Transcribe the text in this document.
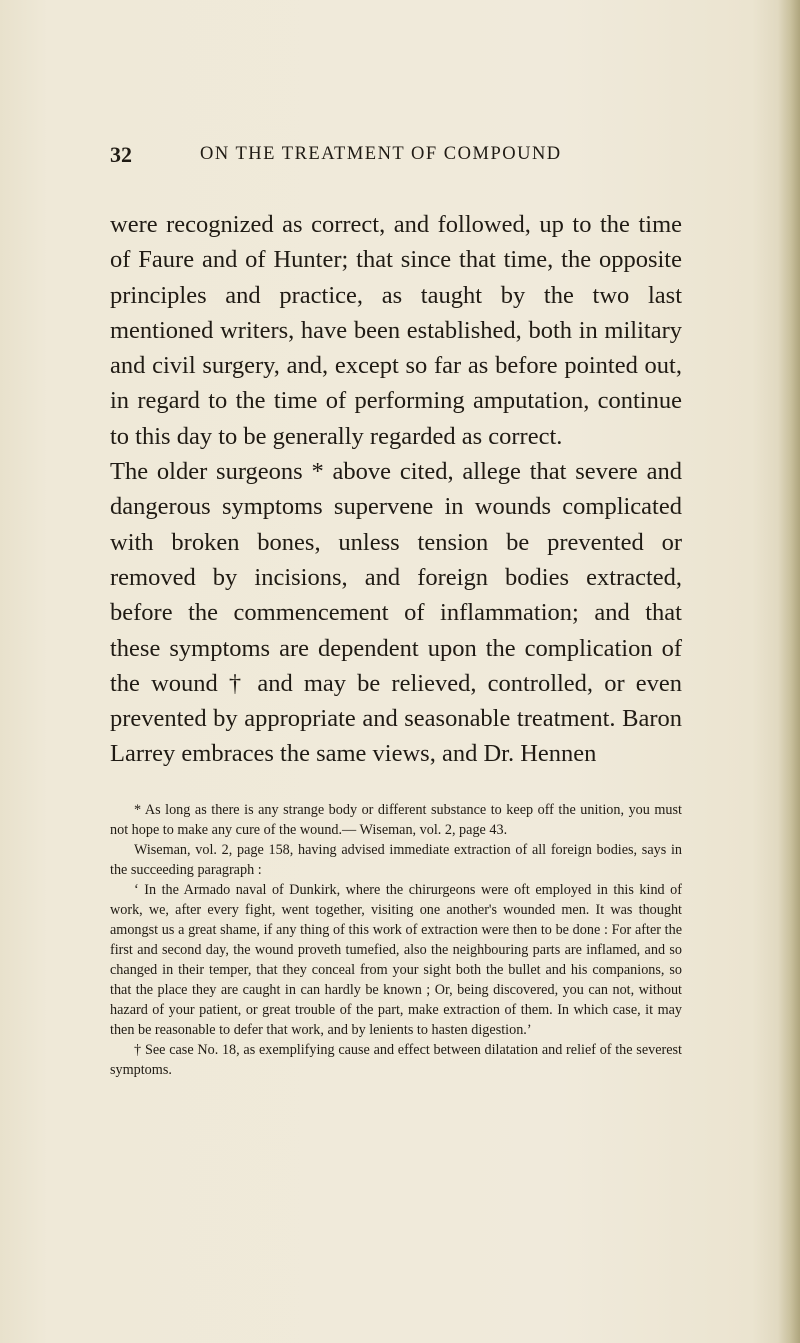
32	ON THE TREATMENT OF COMPOUND

were recognized as correct, and followed, up to the time of Faure and of Hunter; that since that time, the opposite principles and practice, as taught by the two last mentioned writers, have been established, both in military and civil surgery, and, except so far as before pointed out, in regard to the time of performing amputation, continue to this day to be generally regarded as correct.

The older surgeons * above cited, allege that severe and dangerous symptoms supervene in wounds complicated with broken bones, unless tension be prevented or removed by incisions, and foreign bodies extracted, before the commencement of inflammation; and that these symptoms are dependent upon the complication of the wound † and may be relieved, controlled, or even prevented by appropriate and seasonable treatment. Baron Larrey embraces the same views, and Dr. Hennen

* As long as there is any strange body or different substance to keep off the unition, you must not hope to make any cure of the wound.— Wiseman, vol. 2, page 43.

Wiseman, vol. 2, page 158, having advised immediate extraction of all foreign bodies, says in the succeeding paragraph :

‘ In the Armado naval of Dunkirk, where the chirurgeons were oft employed in this kind of work, we, after every fight, went together, visiting one another's wounded men. It was thought amongst us a great shame, if any thing of this work of extraction were then to be done : For after the first and second day, the wound proveth tumefied, also the neighbouring parts are inflamed, and so changed in their temper, that they conceal from your sight both the bullet and his companions, so that the place they are caught in can hardly be known ; Or, being discovered, you can not, without hazard of your patient, or great trouble of the part, make extraction of them. In which case, it may then be reasonable to defer that work, and by lenients to hasten digestion.’

† See case No. 18, as exemplifying cause and effect between dilatation and relief of the severest symptoms.
